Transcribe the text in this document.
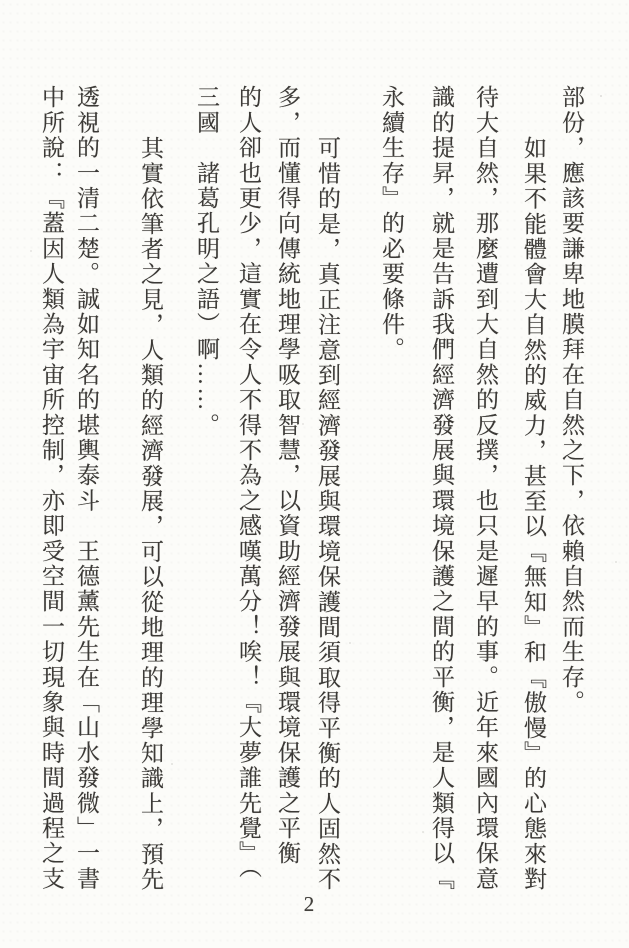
部份，應該要謙卑地膜拜在自然之下，依賴自然而生存。
如果不能體會大自然的威力，甚至以『無知』和『傲慢』的心態來對
待大自然，那麼遭到大自然的反撲，也只是遲早的事。近年來國內環保意
識的提昇，就是告訴我們經濟發展與環境保護之間的平衡，是人類得以『
永續生存』的必要條件。
可惜的是，真正注意到經濟發展與環境保護間須取得平衡的人固然不
多，而懂得向傳統地理學吸取智慧，以資助經濟發展與環境保護之平衡
的人卻也更少，這實在令人不得不為之感嘆萬分！唉！『大夢誰先覺』（
三國　諸葛孔明之語）啊……。
其實依筆者之見，人類的經濟發展，可以從地理的理學知識上，預先
透視的一清二楚。誠如知名的堪輿泰斗　王德薰先生在「山水發微」一書
中所說：『蓋因人類為宇宙所控制，亦即受空間一切現象與時間過程之支
2
